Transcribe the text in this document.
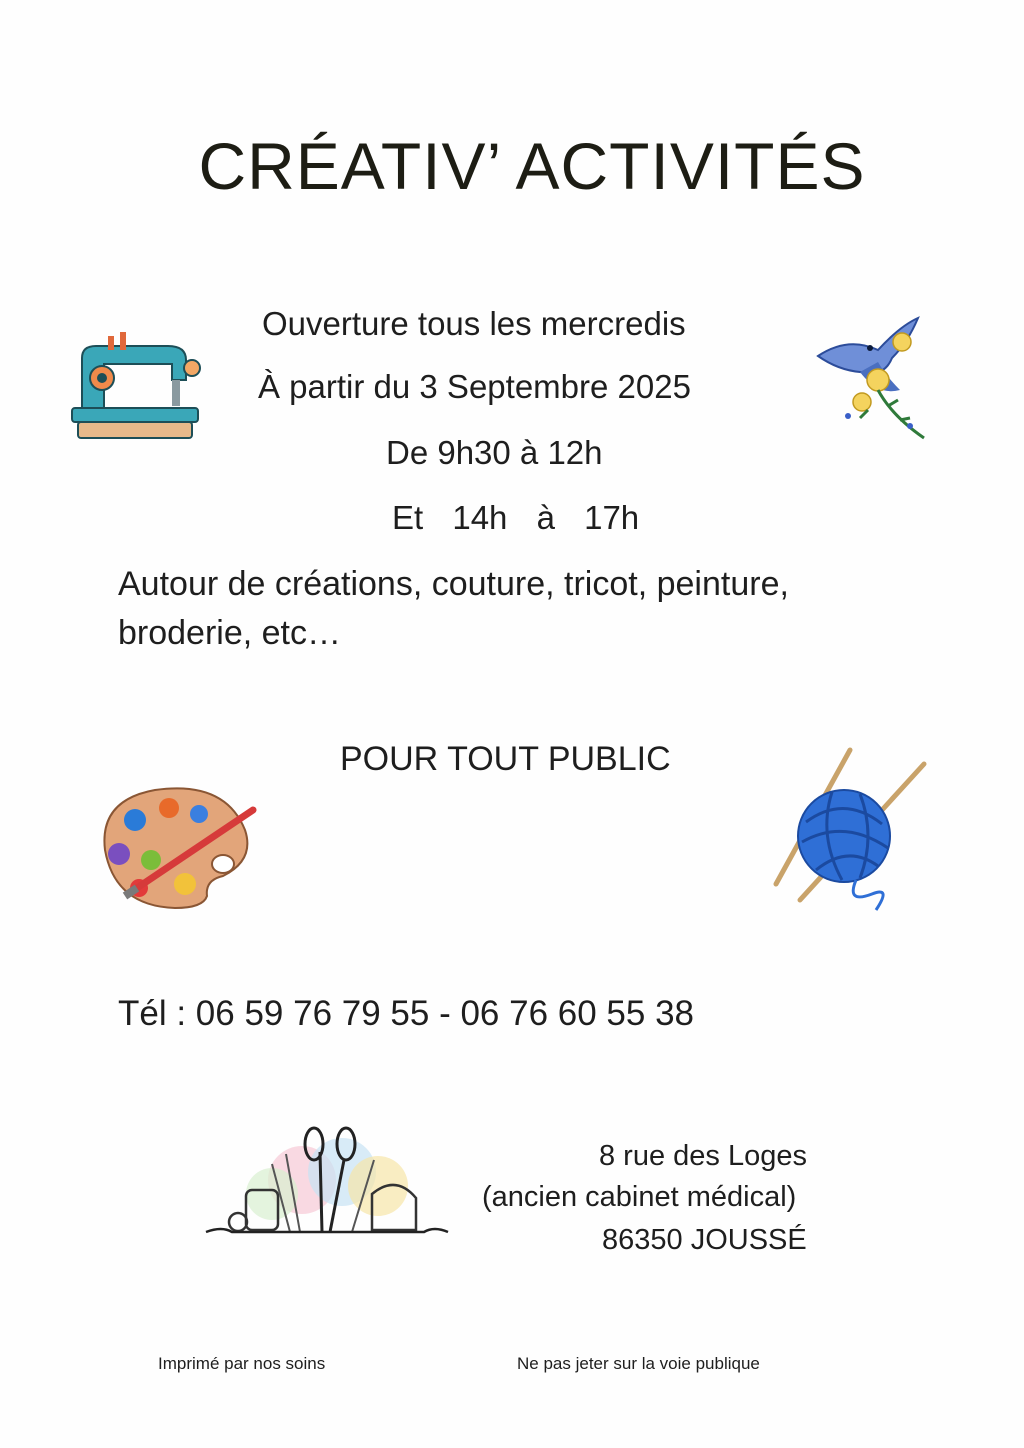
CRÉATIV’ ACTIVITÉS
Ouverture tous les mercredis
À partir du 3 Septembre 2025
De 9h30 à 12h
Et 14h à 17h
Autour de créations, couture, tricot, peinture, broderie, etc…
POUR TOUT PUBLIC
Tél : 06 59 76 79 55 - 06 76 60 55 38
8 rue des Loges
(ancien cabinet médical)
86350 JOUSSÉ
Imprimé par nos soins	Ne pas jeter sur la voie publique
